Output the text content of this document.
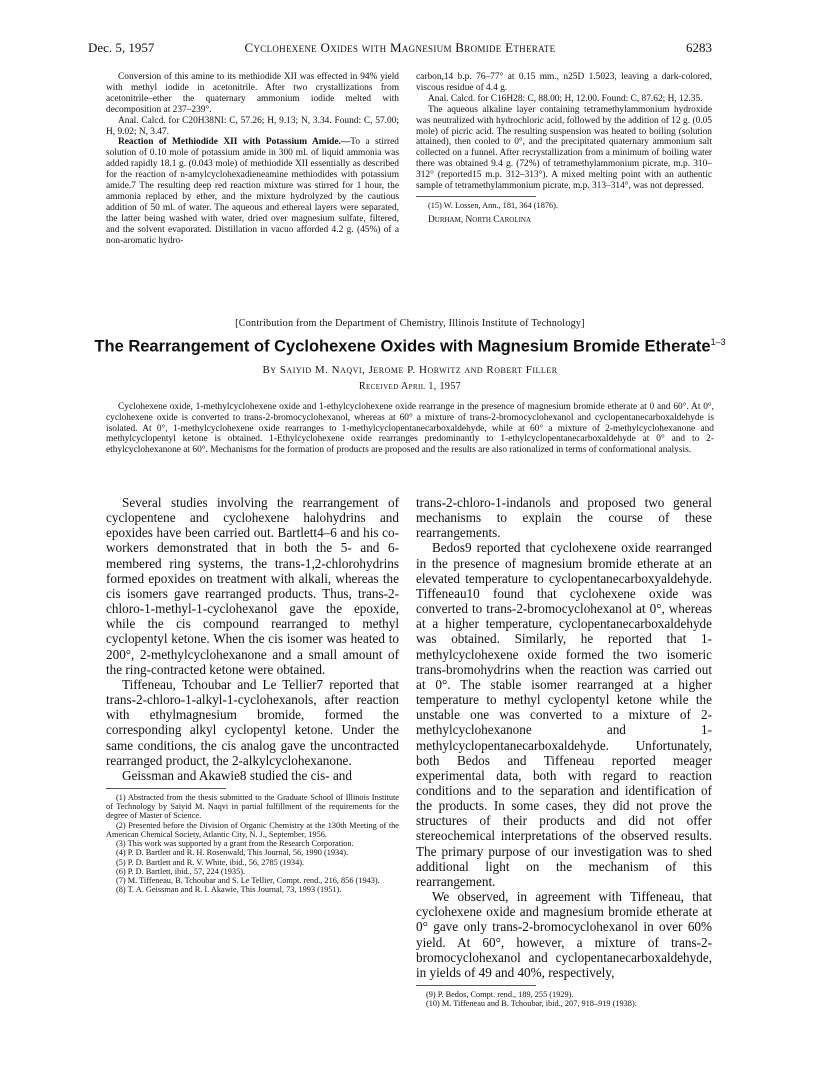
Dec. 5, 1957	Cyclohexene Oxides with Magnesium Bromide Etherate	6283

Conversion of this amine to its methiodide XII was effected in 94% yield with methyl iodide in acetonitrile. After two crystallizations from acetonitrile–ether the quaternary ammonium iodide melted with decomposition at 237–239°.

Anal. Calcd. for C20H38NI: C, 57.26; H, 9.13; N, 3.34. Found: C, 57.00; H, 9.02; N, 3.47.

Reaction of Methiodide XII with Potassium Amide.—To a stirred solution of 0.10 mole of potassium amide in 300 ml. of liquid ammonia was added rapidly 18.1 g. (0.043 mole) of methiodide XII essentially as described for the reaction of n-amylcyclohexadieneamine methiodides with potassium amide.7 The resulting deep red reaction mixture was stirred for 1 hour, the ammonia replaced by ether, and the mixture hydrolyzed by the cautious addition of 50 ml. of water. The aqueous and ethereal layers were separated, the latter being washed with water, dried over magnesium sulfate, filtered, and the solvent evaporated. Distillation in vacuo afforded 4.2 g. (45%) of a non-aromatic hydro-

carbon,14 b.p. 76–77° at 0.15 mm., n25D 1.5023, leaving a dark-colored, viscous residue of 4.4 g.

Anal. Calcd. for C16H28: C, 88.00; H, 12.00. Found: C, 87.62; H, 12.35.

The aqueous alkaline layer containing tetramethylammonium hydroxide was neutralized with hydrochloric acid, followed by the addition of 12 g. (0.05 mole) of picric acid. The resulting suspension was heated to boiling (solution attained), then cooled to 0°, and the precipitated quaternary ammonium salt collected on a funnel. After recrystallization from a minimum of boiling water there was obtained 9.4 g. (72%) of tetramethylammonium picrate, m.p. 310–312° (reported15 m.p. 312–313°). A mixed melting point with an authentic sample of tetramethylammonium picrate, m.p. 313–314°, was not depressed.

(15) W. Lossen, Ann., 181, 364 (1876).

Durham, North Carolina

[Contribution from the Department of Chemistry, Illinois Institute of Technology]
The Rearrangement of Cyclohexene Oxides with Magnesium Bromide Etherate$^{1-3}$
By Saiyid M. Naqvi, Jerome P. Horwitz and Robert Filler
Received April 1, 1957

Cyclohexene oxide, 1-methylcyclohexene oxide and 1-ethylcyclohexene oxide rearrange in the presence of magnesium bromide etherate at 0 and 60°. At 0°, cyclohexene oxide is converted to trans-2-bromocyclohexanol, whereas at 60° a mixture of trans-2-bromocyclohexanol and cyclopentanecarboxaldehyde is isolated. At 0°, 1-methylcyclohexene oxide rearranges to 1-methylcyclopentanecarboxaldehyde, while at 60° a mixture of 2-methylcyclohexanone and methylcyclopentyl ketone is obtained. 1-Ethylcyclohexene oxide rearranges predominantly to 1-ethylcyclopentanecarboxaldehyde at 0° and to 2-ethylcyclohexanone at 60°. Mechanisms for the formation of products are proposed and the results are also rationalized in terms of conformational analysis.

Several studies involving the rearrangement of cyclopentene and cyclohexene halohydrins and epoxides have been carried out. Bartlett4–6 and his co-workers demonstrated that in both the 5- and 6-membered ring systems, the trans-1,2-chlorohydrins formed epoxides on treatment with alkali, whereas the cis isomers gave rearranged products. Thus, trans-2-chloro-1-methyl-1-cyclohexanol gave the epoxide, while the cis compound rearranged to methyl cyclopentyl ketone. When the cis isomer was heated to 200°, 2-methylcyclohexanone and a small amount of the ring-contracted ketone were obtained.

Tiffeneau, Tchoubar and Le Tellier7 reported that trans-2-chloro-1-alkyl-1-cyclohexanols, after reaction with ethylmagnesium bromide, formed the corresponding alkyl cyclopentyl ketone. Under the same conditions, the cis analog gave the uncontracted rearranged product, the 2-alkylcyclohexanone.

Geissman and Akawie8 studied the cis- and

(1) Abstracted from the thesis submitted to the Graduate School of Illinois Institute of Technology by Saiyid M. Naqvi in partial fulfillment of the requirements for the degree of Master of Science.

(2) Presented before the Division of Organic Chemistry at the 130th Meeting of the American Chemical Society, Atlantic City, N. J., September, 1956.

(3) This work was supported by a grant from the Research Corporation.

(4) P. D. Bartlett and R. H. Rosenwald, This Journal, 56, 1990 (1934).

(5) P. D. Bartlett and R. V. White, ibid., 56, 2785 (1934).

(6) P. D. Bartlett, ibid., 57, 224 (1935).

(7) M. Tiffeneau, B. Tchoubar and S. Le Tellier, Compt. rend., 216, 856 (1943).

(8) T. A. Geissman and R. I. Akawie, This Journal, 73, 1993 (1951).

trans-2-chloro-1-indanols and proposed two general mechanisms to explain the course of these rearrangements.

Bedos9 reported that cyclohexene oxide rearranged in the presence of magnesium bromide etherate at an elevated temperature to cyclopentanecarboxyaldehyde. Tiffeneau10 found that cyclohexene oxide was converted to trans-2-bromocyclohexanol at 0°, whereas at a higher temperature, cyclopentanecarboxaldehyde was obtained. Similarly, he reported that 1-methylcyclohexene oxide formed the two isomeric trans-bromohydrins when the reaction was carried out at 0°. The stable isomer rearranged at a higher temperature to methyl cyclopentyl ketone while the unstable one was converted to a mixture of 2-methylcyclohexanone and 1-methylcyclopentanecarboxaldehyde. Unfortunately, both Bedos and Tiffeneau reported meager experimental data, both with regard to reaction conditions and to the separation and identification of the products. In some cases, they did not prove the structures of their products and did not offer stereochemical interpretations of the observed results. The primary purpose of our investigation was to shed additional light on the mechanism of this rearrangement.

We observed, in agreement with Tiffeneau, that cyclohexene oxide and magnesium bromide etherate at 0° gave only trans-2-bromocyclohexanol in over 60% yield. At 60°, however, a mixture of trans-2-bromocyclohexanol and cyclopentanecarboxaldehyde, in yields of 49 and 40%, respectively,

(9) P. Bedos, Compt. rend., 189, 255 (1929).

(10) M. Tiffeneau and B. Tchoubar, ibid., 207, 918–919 (1938).
